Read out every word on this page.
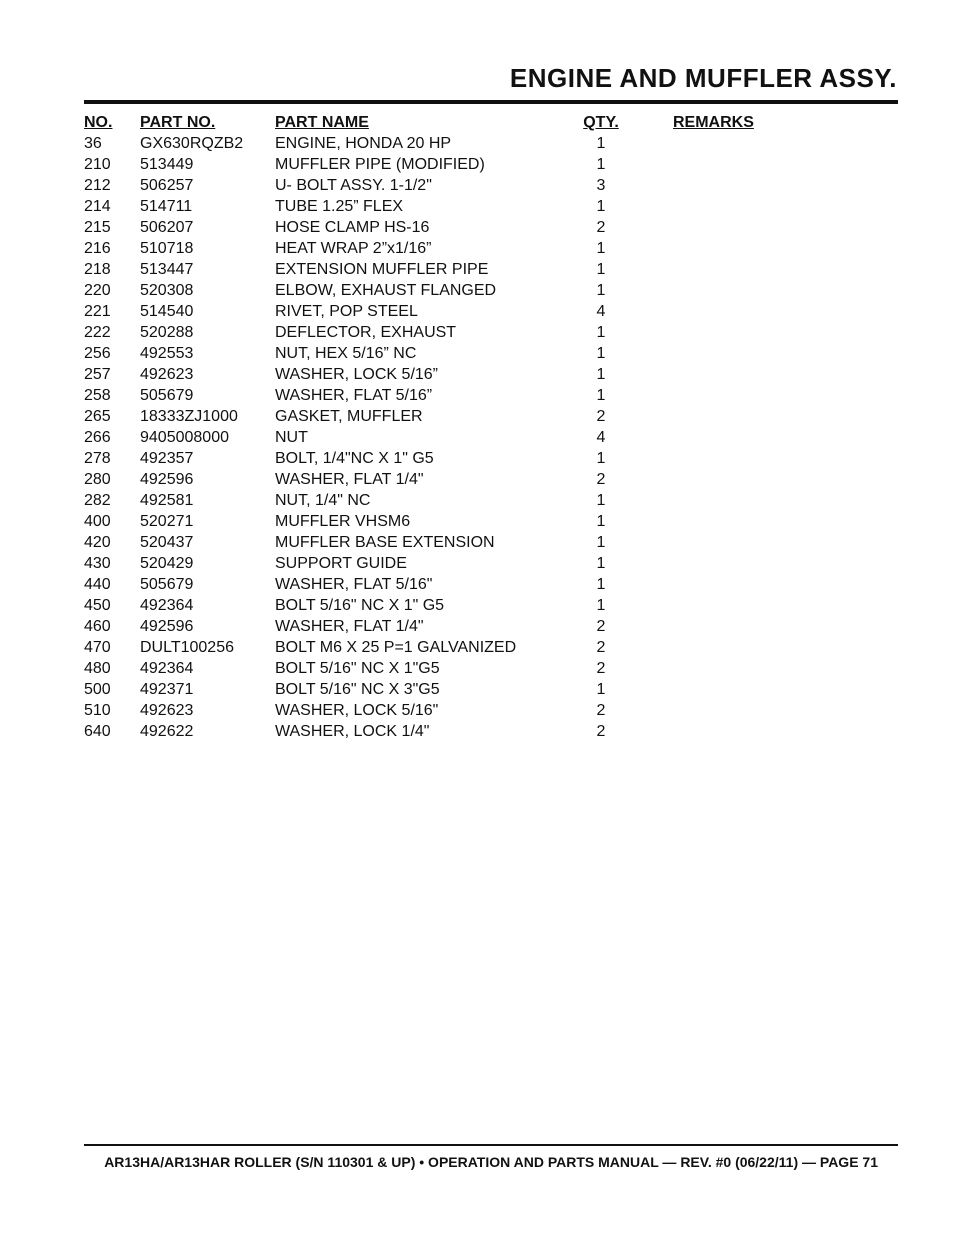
ENGINE AND MUFFLER ASSY.
NO. PART NO.	PART NAME	QTY.	REMARKS
36 GX630RQZB2 ENGINE, HONDA 20 HP	1
210 513449	MUFFLER PIPE (MODIFIED)	1
212 506257	U- BOLT ASSY. 1-1/2"	3
214 514711	TUBE 1.25” FLEX	1
215 506207	HOSE CLAMP HS-16	2
216 510718	HEAT WRAP 2”x1/16”	1
218 513447	EXTENSION MUFFLER PIPE	1
220 520308	ELBOW, EXHAUST FLANGED	1
221 514540	RIVET, POP STEEL	4
222 520288	DEFLECTOR, EXHAUST	1
256 492553	NUT, HEX 5/16” NC	1
257 492623	WASHER, LOCK 5/16”	1
258 505679	WASHER, FLAT 5/16”	1
265 18333ZJ1000 GASKET, MUFFLER	2
266 9405008000	NUT	4
278 492357	BOLT, 1/4"NC X 1" G5	1
280 492596	WASHER, FLAT 1/4"	2
282 492581	NUT, 1/4" NC	1
400 520271	MUFFLER VHSM6	1
420 520437	MUFFLER BASE EXTENSION	1
430 520429	SUPPORT GUIDE	1
440 505679	WASHER, FLAT 5/16"	1
450 492364	BOLT 5/16" NC X 1" G5	1
460 492596	WASHER, FLAT 1/4"	2
470 DULT100256	BOLT M6 X 25 P=1 GALVANIZED	2
480 492364	BOLT 5/16" NC X 1"G5	2
500 492371	BOLT 5/16" NC X 3"G5	1
510 492623	WASHER, LOCK 5/16"	2
640 492622	WASHER, LOCK 1/4"	2
AR13HA/AR13HAR ROLLER (S/N 110301 & UP) • OPERATION AND PARTS MANUAL — REV. #0 (06/22/11) — PAGE 71
